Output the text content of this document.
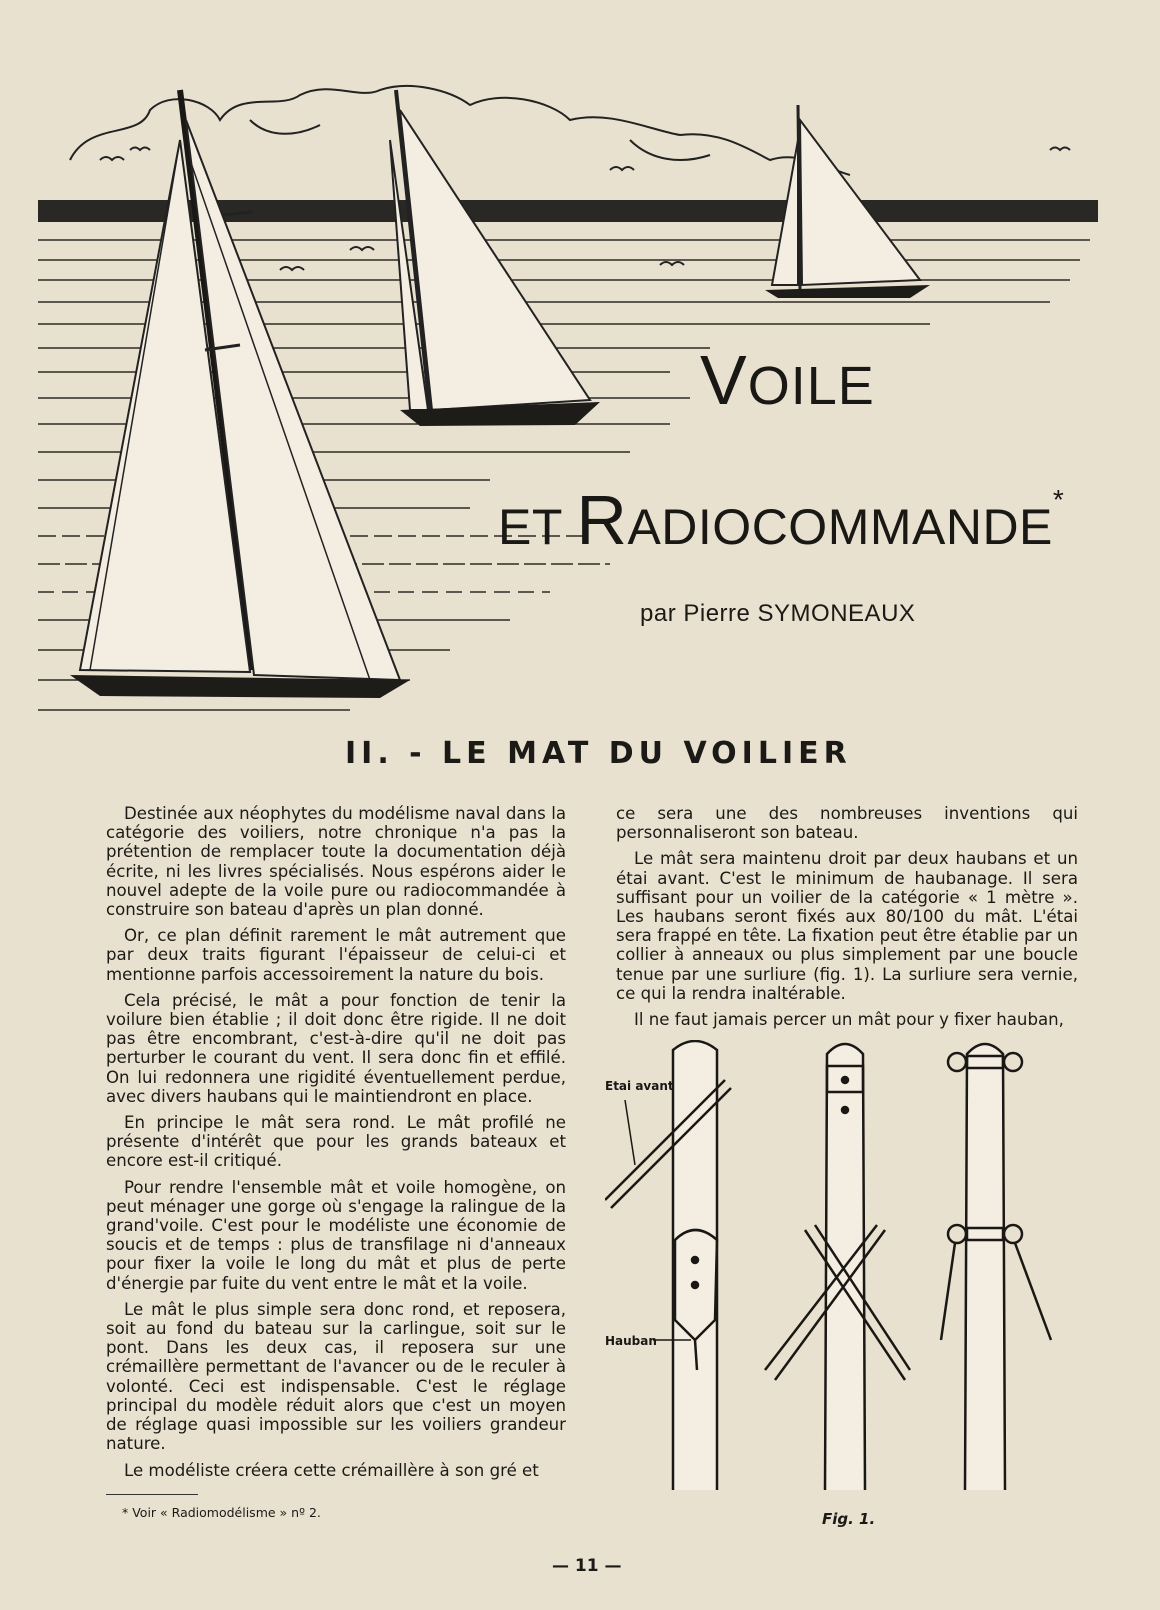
VOILE
ET RADIOCOMMANDE*
par Pierre SYMONEAUX
II. - LE MAT DU VOILIER

Destinée aux néophytes du modélisme naval dans la catégorie des voiliers, notre chronique n'a pas la prétention de remplacer toute la documentation déjà écrite, ni les livres spécialisés. Nous espérons aider le nouvel adepte de la voile pure ou radiocommandée à construire son bateau d'après un plan donné.

Or, ce plan définit rarement le mât autrement que par deux traits figurant l'épaisseur de celui-ci et mentionne parfois accessoirement la nature du bois.

Cela précisé, le mât a pour fonction de tenir la voilure bien établie ; il doit donc être rigide. Il ne doit pas être encombrant, c'est-à-dire qu'il ne doit pas perturber le courant du vent. Il sera donc fin et effilé. On lui redonnera une rigidité éventuellement perdue, avec divers haubans qui le maintiendront en place.

En principe le mât sera rond. Le mât profilé ne présente d'intérêt que pour les grands bateaux et encore est-il critiqué.

Pour rendre l'ensemble mât et voile homogène, on peut ménager une gorge où s'engage la ralingue de la grand'voile. C'est pour le modéliste une économie de soucis et de temps : plus de transfilage ni d'anneaux pour fixer la voile le long du mât et plus de perte d'énergie par fuite du vent entre le mât et la voile.

Le mât le plus simple sera donc rond, et reposera, soit au fond du bateau sur la carlingue, soit sur le pont. Dans les deux cas, il reposera sur une crémaillère permettant de l'avancer ou de le reculer à volonté. Ceci est indispensable. C'est le réglage principal du modèle réduit alors que c'est un moyen de réglage quasi impossible sur les voiliers grandeur nature.

Le modéliste créera cette crémaillère à son gré et

ce sera une des nombreuses inventions qui personnaliseront son bateau.

Le mât sera maintenu droit par deux haubans et un étai avant. C'est le minimum de haubanage. Il sera suffisant pour un voilier de la catégorie « 1 mètre ». Les haubans seront fixés aux 80/100 du mât. L'étai sera frappé en tête. La fixation peut être établie par un collier à anneaux ou plus simplement par une boucle tenue par une surliure (fig. 1). La surliure sera vernie, ce qui la rendra inaltérable.

Il ne faut jamais percer un mât pour y fixer hauban,

Etai avant
Hauban
Fig. 1.
* Voir « Radiomodélisme » nº 2.
— 11 —
